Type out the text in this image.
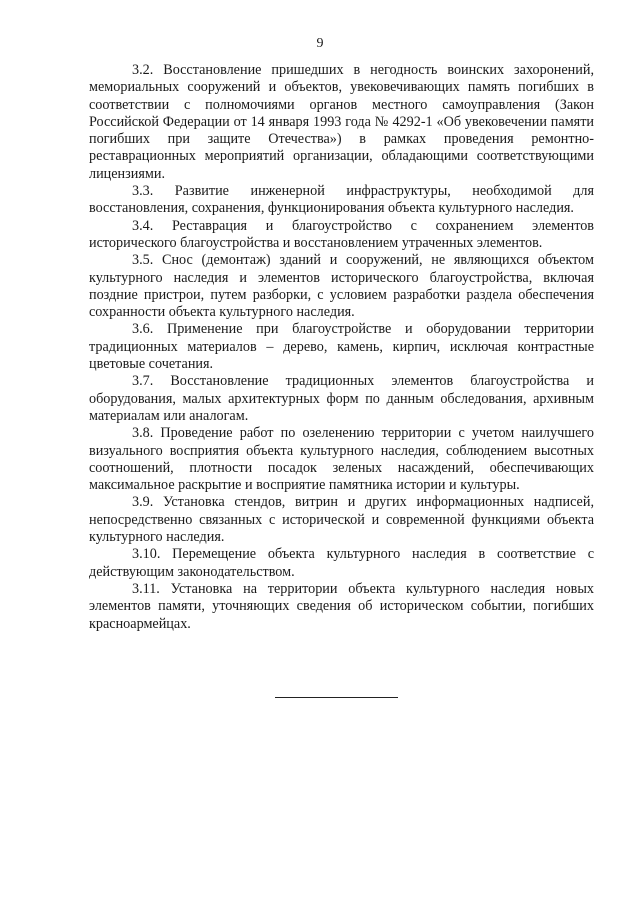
9

3.2. Восстановление пришедших в негодность воинских захоронений, мемориальных сооружений и объектов, увековечивающих память погибших в соответствии с полномочиями органов местного самоуправления (Закон Российской Федерации от 14 января 1993 года № 4292-1 «Об увековечении памяти погибших при защите Отечества») в рамках проведения ремонтно-реставрационных мероприятий организации, обладающими соответствующими лицензиями.

3.3. Развитие инженерной инфраструктуры, необходимой для восстановления, сохранения, функционирования объекта культурного наследия.

3.4. Реставрация и благоустройство с сохранением элементов исторического благоустройства и восстановлением утраченных элементов.

3.5. Снос (демонтаж) зданий и сооружений, не являющихся объектом культурного наследия и элементов исторического благоустройства, включая поздние пристрои, путем разборки, с условием разработки раздела обеспечения сохранности объекта культурного наследия.

3.6. Применение при благоустройстве и оборудовании территории традиционных материалов – дерево, камень, кирпич, исключая контрастные цветовые сочетания.

3.7. Восстановление традиционных элементов благоустройства и оборудования, малых архитектурных форм по данным обследования, архивным материалам или аналогам.

3.8. Проведение работ по озеленению территории с учетом наилучшего визуального восприятия объекта культурного наследия, соблюдением высотных соотношений, плотности посадок зеленых насаждений, обеспечивающих максимальное раскрытие и восприятие памятника истории и культуры.

3.9. Установка стендов, витрин и других информационных надписей, непосредственно связанных с исторической и современной функциями объекта культурного наследия.

3.10. Перемещение объекта культурного наследия в соответствие с действующим законодательством.

3.11. Установка на территории объекта культурного наследия новых элементов памяти, уточняющих сведения об историческом событии, погибших красноармейцах.
